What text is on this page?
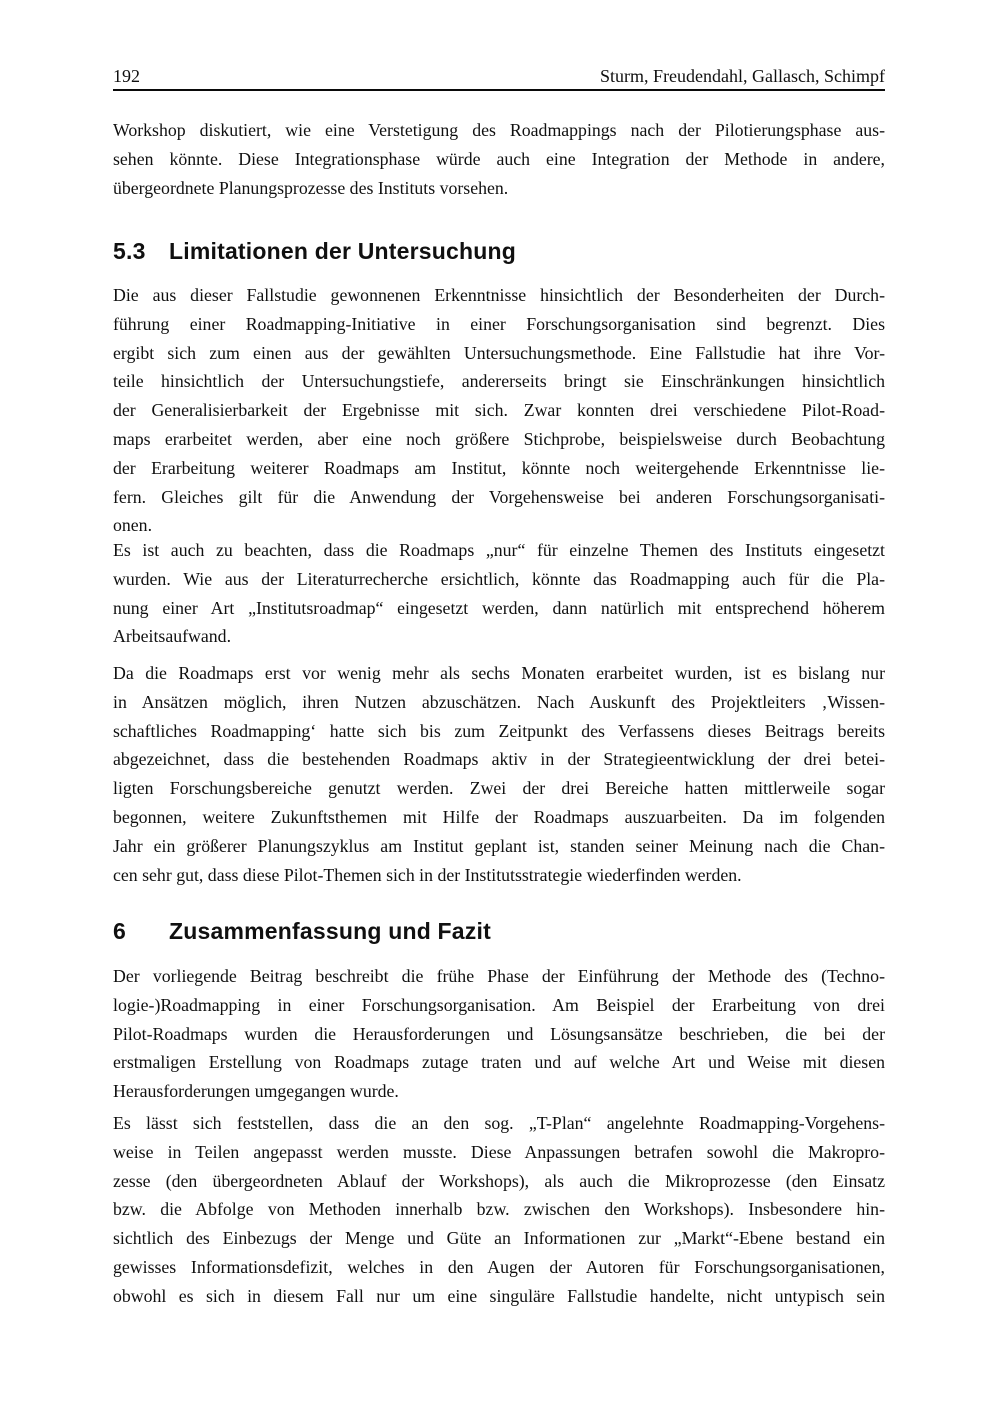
192	Sturm, Freudendahl, Gallasch, Schimpf
Workshop diskutiert, wie eine Verstetigung des Roadmappings nach der Pilotierungsphase aus-
sehen könnte. Diese Integrationsphase würde auch eine Integration der Methode in andere,
übergeordnete Planungsprozesse des Instituts vorsehen.
5.3 Limitationen der Untersuchung
Die aus dieser Fallstudie gewonnenen Erkenntnisse hinsichtlich der Besonderheiten der Durch-
führung einer Roadmapping-Initiative in einer Forschungsorganisation sind begrenzt. Dies
ergibt sich zum einen aus der gewählten Untersuchungsmethode. Eine Fallstudie hat ihre Vor-
teile hinsichtlich der Untersuchungstiefe, andererseits bringt sie Einschränkungen hinsichtlich
der Generalisierbarkeit der Ergebnisse mit sich. Zwar konnten drei verschiedene Pilot-Road-
maps erarbeitet werden, aber eine noch größere Stichprobe, beispielsweise durch Beobachtung
der Erarbeitung weiterer Roadmaps am Institut, könnte noch weitergehende Erkenntnisse lie-
fern. Gleiches gilt für die Anwendung der Vorgehensweise bei anderen Forschungsorganisati-
onen.
Es ist auch zu beachten, dass die Roadmaps „nur“ für einzelne Themen des Instituts eingesetzt
wurden. Wie aus der Literaturrecherche ersichtlich, könnte das Roadmapping auch für die Pla-
nung einer Art „Institutsroadmap“ eingesetzt werden, dann natürlich mit entsprechend höherem
Arbeitsaufwand.
Da die Roadmaps erst vor wenig mehr als sechs Monaten erarbeitet wurden, ist es bislang nur
in Ansätzen möglich, ihren Nutzen abzuschätzen. Nach Auskunft des Projektleiters ‚Wissen-
schaftliches Roadmapping‘ hatte sich bis zum Zeitpunkt des Verfassens dieses Beitrags bereits
abgezeichnet, dass die bestehenden Roadmaps aktiv in der Strategieentwicklung der drei betei-
ligten Forschungsbereiche genutzt werden. Zwei der drei Bereiche hatten mittlerweile sogar
begonnen, weitere Zukunftsthemen mit Hilfe der Roadmaps auszuarbeiten. Da im folgenden
Jahr ein größerer Planungszyklus am Institut geplant ist, standen seiner Meinung nach die Chan-
cen sehr gut, dass diese Pilot-Themen sich in der Institutsstrategie wiederfinden werden.
6 Zusammenfassung und Fazit
Der vorliegende Beitrag beschreibt die frühe Phase der Einführung der Methode des (Techno-
logie-)Roadmapping in einer Forschungsorganisation. Am Beispiel der Erarbeitung von drei
Pilot-Roadmaps wurden die Herausforderungen und Lösungsansätze beschrieben, die bei der
erstmaligen Erstellung von Roadmaps zutage traten und auf welche Art und Weise mit diesen
Herausforderungen umgegangen wurde.
Es lässt sich feststellen, dass die an den sog. „T-Plan“ angelehnte Roadmapping-Vorgehens-
weise in Teilen angepasst werden musste. Diese Anpassungen betrafen sowohl die Makropro-
zesse (den übergeordneten Ablauf der Workshops), als auch die Mikroprozesse (den Einsatz
bzw. die Abfolge von Methoden innerhalb bzw. zwischen den Workshops). Insbesondere hin-
sichtlich des Einbezugs der Menge und Güte an Informationen zur „Markt“-Ebene bestand ein
gewisses Informationsdefizit, welches in den Augen der Autoren für Forschungsorganisationen,
obwohl es sich in diesem Fall nur um eine singuläre Fallstudie handelte, nicht untypisch sein
